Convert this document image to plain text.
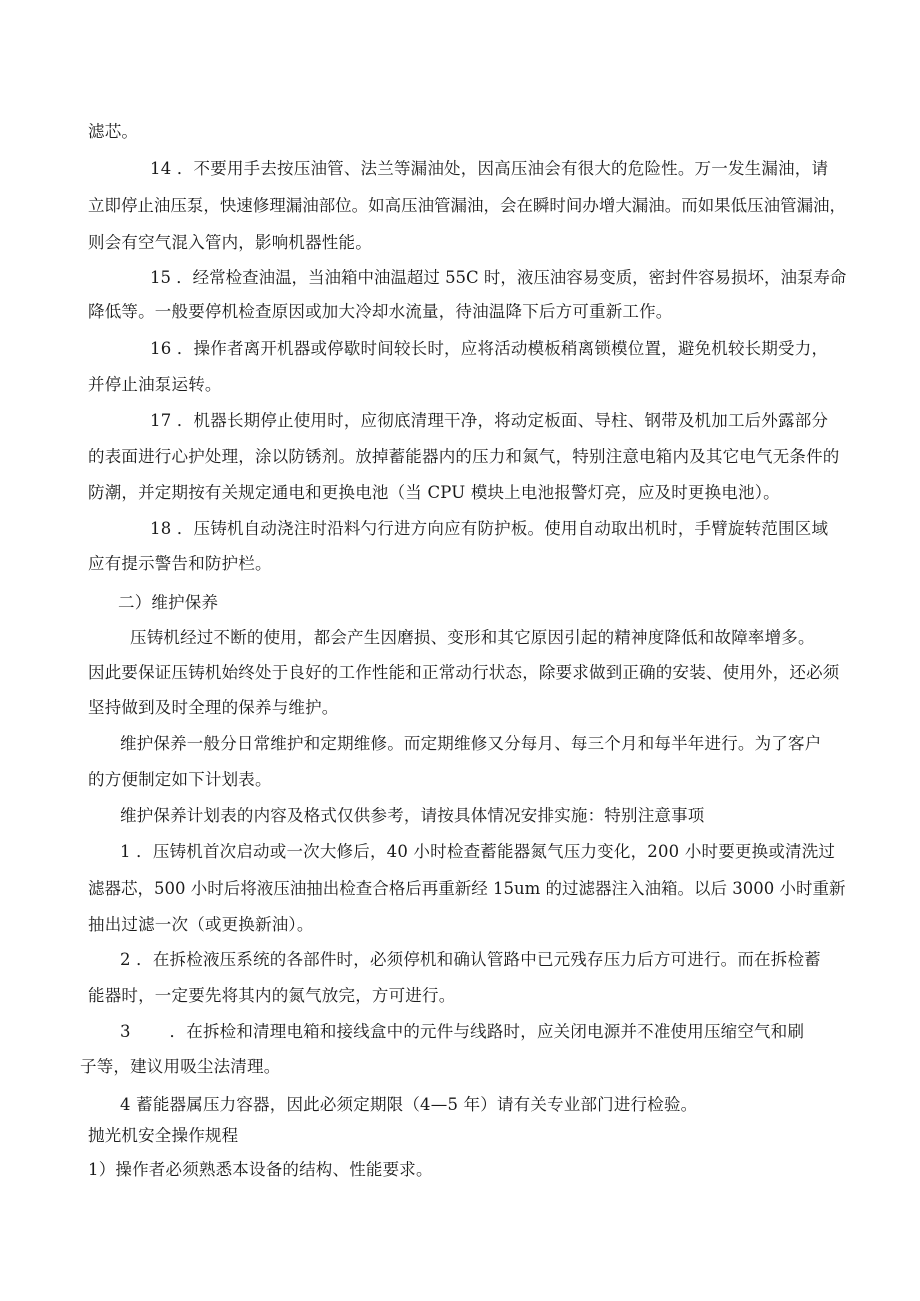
滤芯。
14 ．不要用手去按压油管、法兰等漏油处，因高压油会有很大的危险性。万一发生漏油，请
立即停止油压泵，快速修理漏油部位。如高压油管漏油，会在瞬时间办增大漏油。而如果低压油管漏油，
则会有空气混入管内，影响机器性能。
15 ．经常检查油温，当油箱中油温超过 55C 时，液压油容易变质，密封件容易损坏，油泵寿命
降低等。一般要停机检查原因或加大冷却水流量，待油温降下后方可重新工作。
16 ．操作者离开机器或停歇时间较长时，应将活动模板稍离锁模位置，避免机较长期受力，
并停止油泵运转。
17 ．机器长期停止使用时，应彻底清理干净，将动定板面、导柱、钢带及机加工后外露部分
的表面进行心护处理，涂以防锈剂。放掉蓄能器内的压力和氮气，特别注意电箱内及其它电气无条件的
防潮，并定期按有关规定通电和更换电池（当 CPU 模块上电池报警灯亮，应及时更换电池）。
18 ．压铸机自动浇注时沿料勺行进方向应有防护板。使用自动取出机时，手臂旋转范围区域
应有提示警告和防护栏。
二）维护保养
压铸机经过不断的使用，都会产生因磨损、变形和其它原因引起的精神度降低和故障率增多。
因此要保证压铸机始终处于良好的工作性能和正常动行状态，除要求做到正确的安装、使用外，还必须
坚持做到及时全理的保养与维护。
维护保养一般分日常维护和定期维修。而定期维修又分每月、每三个月和每半年进行。为了客户
的方便制定如下计划表。
维护保养计划表的内容及格式仅供参考，请按具体情况安排实施：特别注意事项
1 ．压铸机首次启动或一次大修后，40 小时检查蓄能器氮气压力变化，200 小时要更换或清洗过
滤器芯，500 小时后将液压油抽出检查合格后再重新经 15um 的过滤器注入油箱。以后 3000 小时重新
抽出过滤一次（或更换新油）。
2 ．在拆检液压系统的各部件时，必须停机和确认管路中已元残存压力后方可进行。而在拆检蓄
能器时，一定要先将其内的氮气放完，方可进行。
3 　　．在拆检和清理电箱和接线盒中的元件与线路时，应关闭电源并不准使用压缩空气和刷
子等，建议用吸尘法清理。
4 蓄能器属压力容器，因此必须定期限（4—5 年）请有关专业部门进行检验。
抛光机安全操作规程
1）操作者必须熟悉本设备的结构、性能要求。
